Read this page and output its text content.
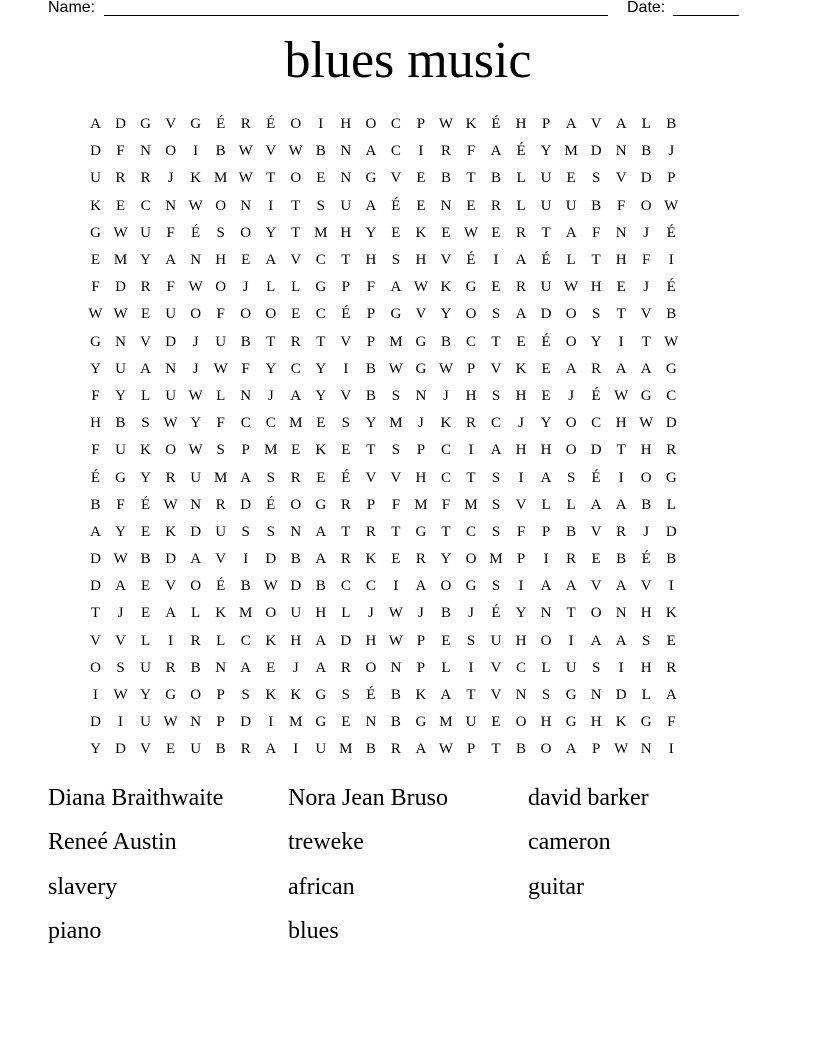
Name:	Date:
blues music
A D G V G	É	R	É	O	I	H O C	P W K	É	H	P	A V A	L	B
D	F	N O	I	B W V W B N A C	I	R	F	A	É	Y M D N B	J
U R	R	J	K M W T	O	E	N G V	E	B	T	B	L	U	E	S	V D	P
K	E	C N W O N	I	T	S	U A	É	E	N	E	R	L	U U B	F	O W
G W U	F	É	S	O Y	T M H Y	E	K	E W E	R	T	A	F	N	J	É
E M Y A N H	E	A V C	T	H	S	H V	É	I	A	É	L	T	H	F	I
F	D R	F W O	J	L	L	G	P	F	A W K G	E	R U W H	E	J	É
W W E	U O	F	O O	E	C	É	P	G V Y O	S	A D O	S	T	V B
G N V D	J	U B	T	R	T	V	P M G B	C	T	E	É	O Y	I	T W
Y U A N	J	W F	Y C Y	I	B W G W P	V K	E	A R A A G
F	Y	L	U W L	N	J	A Y V B	S	N	J	H	S	H	E	J	É W G C
H B	S W Y	F	C	C M E	S	Y M	J	K R	C	J	Y O C H W D
F	U K O W S	P M E	K	E	T	S	P	C	I	A H H O D	T	H R
É	G Y R U M A	S	R	E	É	V V H C	T	S	I	A	S	É	I	O G
B	F	É W N R D	É	O G R	P	F M F M S	V	L	L	A A B	L
A Y	E	K D U	S	S	N A	T	R	T	G	T	C	S	F	P	B V R	J	D
D W B D A V	I	D B A R K	E	R Y O M P	I	R	E	B	É	B
D A	E	V O	É	B W D B	C	C	I	A O G	S	I	A A V A V	I
T	J	E	A	L	K M O U H	L	J	W	J	B	J	É	Y N	T	O N H K
V V	L	I	R	L	C K H A D H W P	E	S	U H O	I	A A	S	E
O	S	U R	B N A	E	J	A R O N	P	L	I	V C	L	U	S	I	H R
I	W Y G O	P	S	K K G	S	É	B K A	T	V N	S	G N D	L	A
D	I	U W N	P	D	I	M G	E	N B G M U	E	O H G H K G	F
Y D V	E	U B	R A	I	U M B	R A W P	T	B O A	P W N	I
Diana Braithwaite	Nora Jean Bruso	david barker
Reneé Austin	treweke	cameron
slavery	african	guitar
piano	blues
